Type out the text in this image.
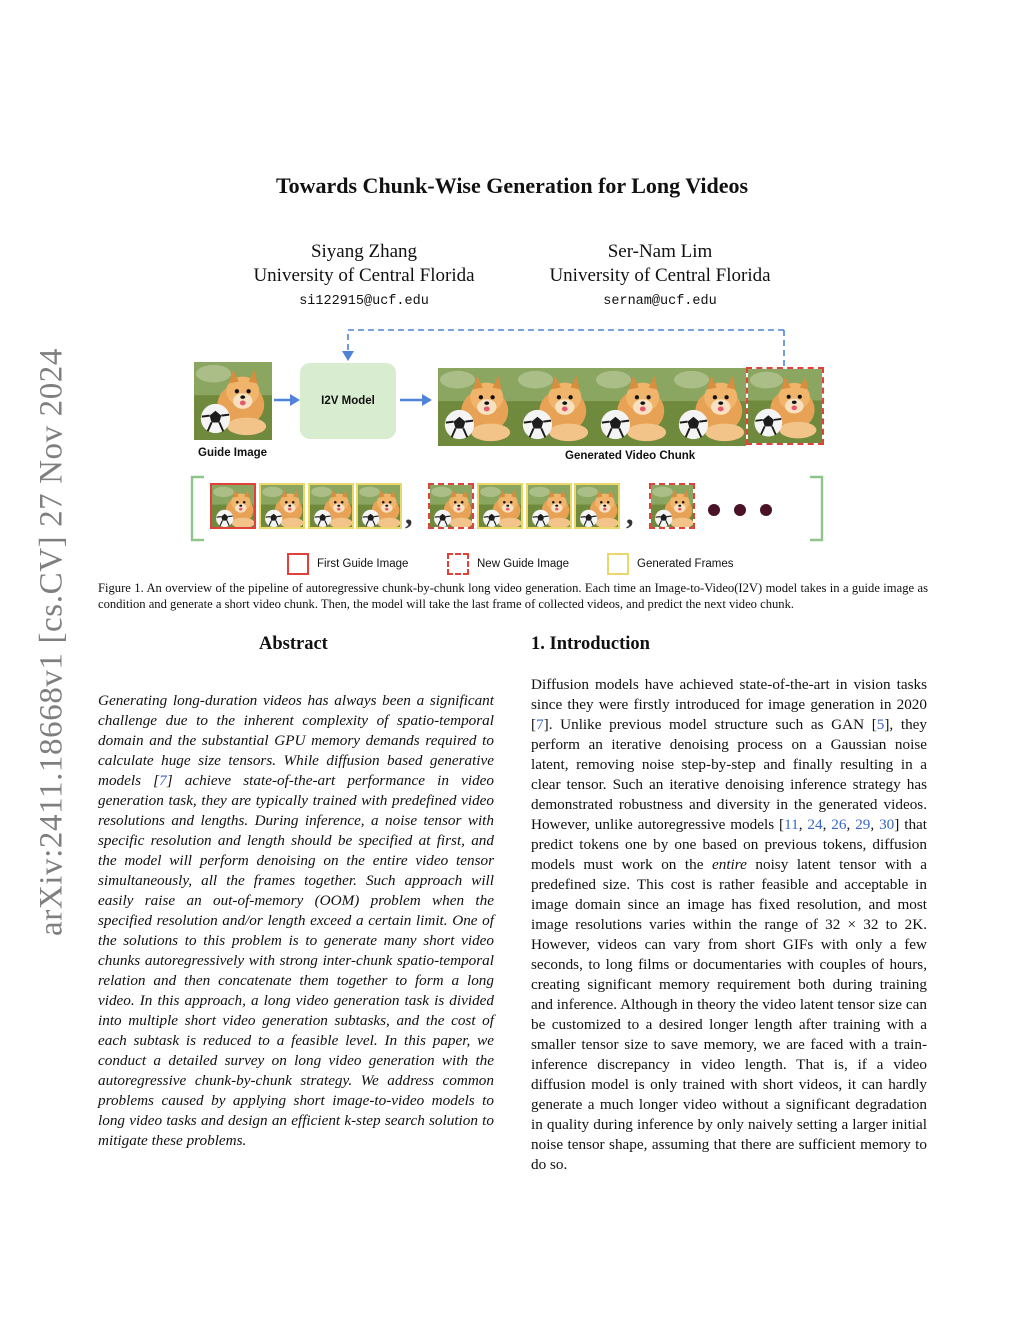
arXiv:2411.18668v1 [cs.CV] 27 Nov 2024
Towards Chunk-Wise Generation for Long Videos
Siyang Zhang
University of Central Florida
si122915@ucf.edu
Ser-Nam Lim
University of Central Florida
sernam@ucf.edu
Guide Image
I2V Model
Generated Video Chunk
,	,
First Guide Image	New Guide Image	Generated Frames
Figure 1. An overview of the pipeline of autoregressive chunk-by-chunk long video generation. Each time an Image-to-Video(I2V) model takes in a guide image as condition and generate a short video chunk. Then, the model will take the last frame of collected videos, and predict the next video chunk.
Abstract

Generating long-duration videos has always been a significant challenge due to the inherent complexity of spatio-temporal domain and the substantial GPU memory demands required to calculate huge size tensors. While diffusion based generative models [7] achieve state-of-the-art performance in video generation task, they are typically trained with predefined video resolutions and lengths. During inference, a noise tensor with specific resolution and length should be specified at first, and the model will perform denoising on the entire video tensor simultaneously, all the frames together. Such approach will easily raise an out-of-memory (OOM) problem when the specified resolution and/or length exceed a certain limit. One of the solutions to this problem is to generate many short video chunks autoregressively with strong inter-chunk spatio-temporal relation and then concatenate them together to form a long video. In this approach, a long video generation task is divided into multiple short video generation subtasks, and the cost of each subtask is reduced to a feasible level. In this paper, we conduct a detailed survey on long video generation with the autoregressive chunk-by-chunk strategy. We address common problems caused by applying short image-to-video models to long video tasks and design an efficient k-step search solution to mitigate these problems.

1. Introduction

Diffusion models have achieved state-of-the-art in vision tasks since they were firstly introduced for image generation in 2020 [7]. Unlike previous model structure such as GAN [5], they perform an iterative denoising process on a Gaussian noise latent, removing noise step-by-step and finally resulting in a clear tensor. Such an iterative denoising inference strategy has demonstrated robustness and diversity in the generated videos. However, unlike autoregressive models [11, 24, 26, 29, 30] that predict tokens one by one based on previous tokens, diffusion models must work on the entire noisy latent tensor with a predefined size. This cost is rather feasible and acceptable in image domain since an image has fixed resolution, and most image resolutions varies within the range of 32 × 32 to 2K. However, videos can vary from short GIFs with only a few seconds, to long films or documentaries with couples of hours, creating significant memory requirement both during training and inference. Although in theory the video latent tensor size can be customized to a desired longer length after training with a smaller tensor size to save memory, we are faced with a train-inference discrepancy in video length. That is, if a video diffusion model is only trained with short videos, it can hardly generate a much longer video without a significant degradation in quality during inference by only naively setting a larger initial noise tensor shape, assuming that there are sufficient memory to do so.
